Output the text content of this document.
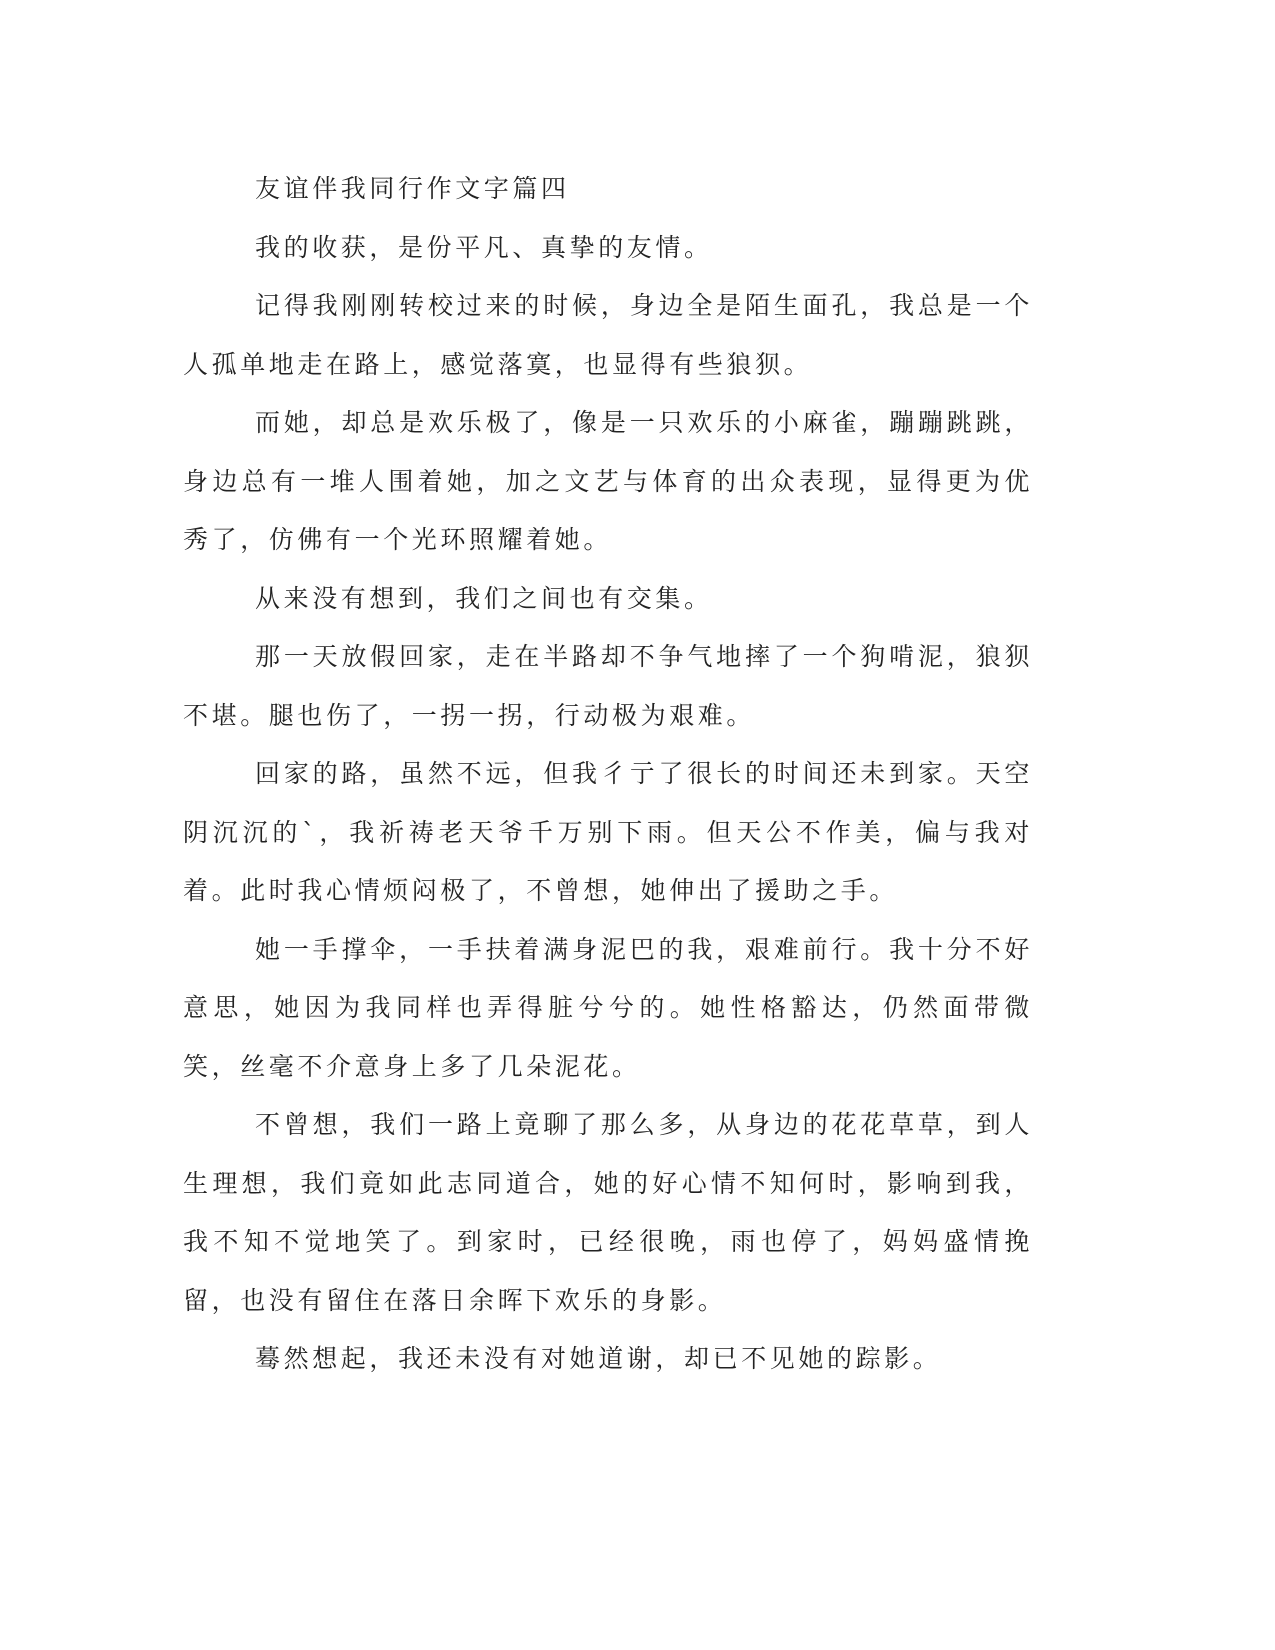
友谊伴我同行作文字篇四

我的收获，是份平凡、真挚的友情。

记得我刚刚转校过来的时候，身边全是陌生面孔，我总是一个人孤单地走在路上，感觉落寞，也显得有些狼狈。

而她，却总是欢乐极了，像是一只欢乐的小麻雀，蹦蹦跳跳，身边总有一堆人围着她，加之文艺与体育的出众表现，显得更为优秀了，仿佛有一个光环照耀着她。

从来没有想到，我们之间也有交集。

那一天放假回家，走在半路却不争气地摔了一个狗啃泥，狼狈不堪。腿也伤了，一拐一拐，行动极为艰难。

回家的路，虽然不远，但我彳亍了很长的时间还未到家。天空阴沉沉的`，我祈祷老天爷千万别下雨。但天公不作美，偏与我对着。此时我心情烦闷极了，不曾想，她伸出了援助之手。

她一手撑伞，一手扶着满身泥巴的我，艰难前行。我十分不好意思，她因为我同样也弄得脏兮兮的。她性格豁达，仍然面带微笑，丝毫不介意身上多了几朵泥花。

不曾想，我们一路上竟聊了那么多，从身边的花花草草，到人生理想，我们竟如此志同道合，她的好心情不知何时，影响到我，我不知不觉地笑了。到家时，已经很晚，雨也停了，妈妈盛情挽留，也没有留住在落日余晖下欢乐的身影。

蓦然想起，我还未没有对她道谢，却已不见她的踪影。
